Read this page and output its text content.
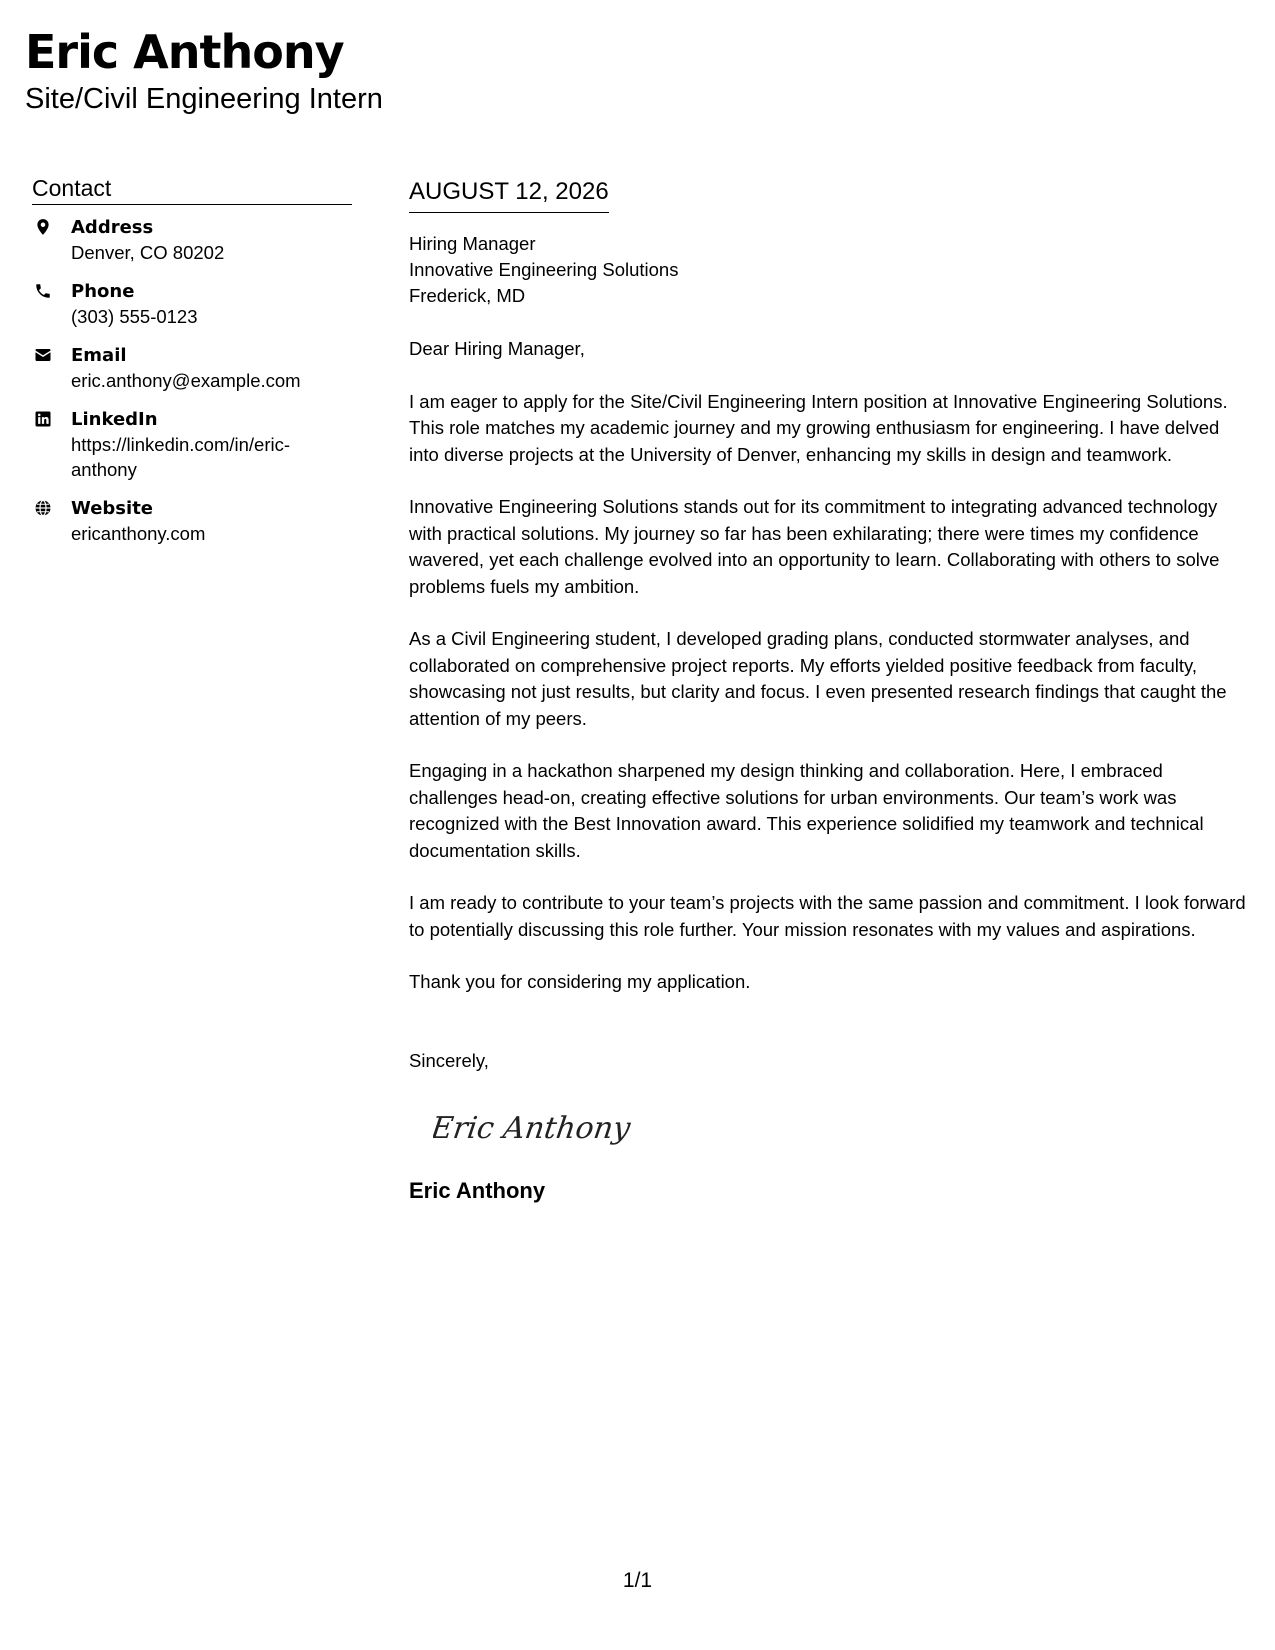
Eric Anthony
Site/Civil Engineering Intern
Contact
Address
Denver, CO 80202
Phone
(303) 555-0123
Email
eric.anthony@example.com
LinkedIn
https://linkedin.com/in/eric-anthony
Website
ericanthony.com
AUGUST 12, 2026
Hiring Manager
Innovative Engineering Solutions
Frederick, MD

Dear Hiring Manager,

I am eager to apply for the Site/Civil Engineering Intern position at Innovative Engineering Solutions. This role matches my academic journey and my growing enthusiasm for engineering. I have delved into diverse projects at the University of Denver, enhancing my skills in design and teamwork.

Innovative Engineering Solutions stands out for its commitment to integrating advanced technology with practical solutions. My journey so far has been exhilarating; there were times my confidence wavered, yet each challenge evolved into an opportunity to learn. Collaborating with others to solve problems fuels my ambition.

As a Civil Engineering student, I developed grading plans, conducted stormwater analyses, and collaborated on comprehensive project reports. My efforts yielded positive feedback from faculty, showcasing not just results, but clarity and focus. I even presented research findings that caught the attention of my peers.

Engaging in a hackathon sharpened my design thinking and collaboration. Here, I embraced challenges head-on, creating effective solutions for urban environments. Our team’s work was recognized with the Best Innovation award. This experience solidified my teamwork and technical documentation skills.

I am ready to contribute to your team’s projects with the same passion and commitment. I look forward to potentially discussing this role further. Your mission resonates with my values and aspirations.

Thank you for considering my application.

Sincerely,

Eric Anthony
Eric Anthony
1/1
